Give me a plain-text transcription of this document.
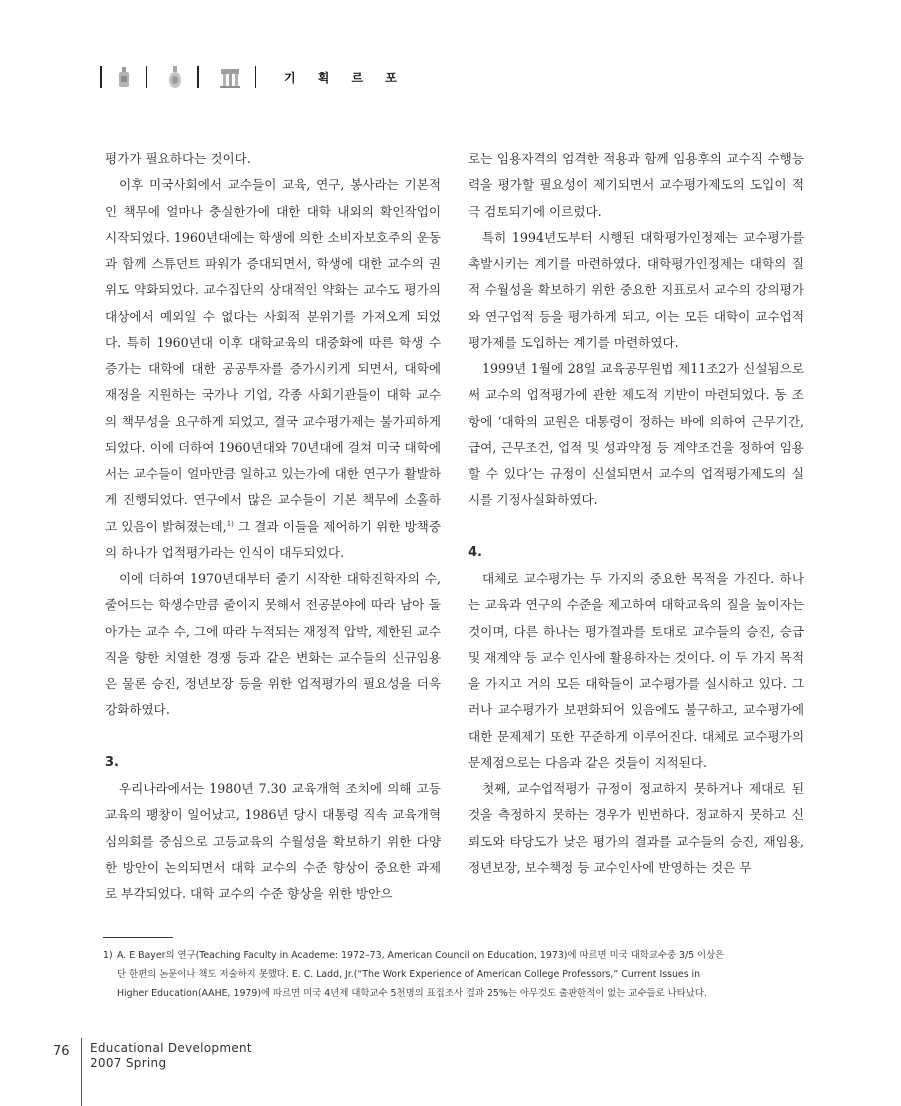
기 획 르 포

평가가 필요하다는 것이다.

이후 미국사회에서 교수들이 교육, 연구, 봉사라는 기본적인 책무에 얼마나 충실한가에 대한 대학 내외의 확인작업이 시작되었다. 1960년대에는 학생에 의한 소비자보호주의 운동과 함께 스튜던트 파워가 증대되면서, 학생에 대한 교수의 권위도 약화되었다. 교수집단의 상대적인 약화는 교수도 평가의 대상에서 예외일 수 없다는 사회적 분위기를 가져오게 되었다. 특히 1960년대 이후 대학교육의 대중화에 따른 학생 수 증가는 대학에 대한 공공투자를 증가시키게 되면서, 대학에 재정을 지원하는 국가나 기업, 각종 사회기관들이 대학 교수의 책무성을 요구하게 되었고, 결국 교수평가제는 불가피하게 되었다. 이에 더하여 1960년대와 70년대에 걸쳐 미국 대학에서는 교수들이 얼마만큼 일하고 있는가에 대한 연구가 활발하게 진행되었다. 연구에서 많은 교수들이 기본 책무에 소홀하고 있음이 밝혀졌는데,$^{1)}$ 그 결과 이들을 제어하기 위한 방책중의 하나가 업적평가라는 인식이 대두되었다.

이에 더하여 1970년대부터 줄기 시작한 대학진학자의 수, 줄어드는 학생수만큼 줄이지 못해서 전공분야에 따라 남아 돌아가는 교수 수, 그에 따라 누적되는 재정적 압박, 제한된 교수직을 향한 치열한 경쟁 등과 같은 변화는 교수들의 신규임용은 물론 승진, 정년보장 등을 위한 업적평가의 필요성을 더욱 강화하였다.

3.

우리나라에서는 1980년 7.30 교육개혁 조치에 의해 고등교육의 팽창이 일어났고, 1986년 당시 대통령 직속 교육개혁심의회를 중심으로 고등교육의 수월성을 확보하기 위한 다양한 방안이 논의되면서 대학 교수의 수준 향상이 중요한 과제로 부각되었다. 대학 교수의 수준 향상을 위한 방안으

로는 임용자격의 엄격한 적용과 함께 임용후의 교수직 수행능력을 평가할 필요성이 제기되면서 교수평가제도의 도입이 적극 검토되기에 이르렀다.

특히 1994년도부터 시행된 대학평가인정제는 교수평가를 촉발시키는 계기를 마련하였다. 대학평가인정제는 대학의 질적 수월성을 확보하기 위한 중요한 지표로서 교수의 강의평가와 연구업적 등을 평가하게 되고, 이는 모든 대학이 교수업적평가제를 도입하는 계기를 마련하였다.

1999년 1월에 28일 교육공무원법 제11조2가 신설됨으로써 교수의 업적평가에 관한 제도적 기반이 마련되었다. 동 조항에 ‘대학의 교원은 대통령이 정하는 바에 의하여 근무기간, 급여, 근무조건, 업적 및 성과약정 등 계약조건을 정하여 임용할 수 있다’는 규정이 신설되면서 교수의 업적평가제도의 실시를 기정사실화하였다.

4.

대체로 교수평가는 두 가지의 중요한 목적을 가진다. 하나는 교육과 연구의 수준을 제고하여 대학교육의 질을 높이자는 것이며, 다른 하나는 평가결과를 토대로 교수들의 승진, 승급 및 재계약 등 교수 인사에 활용하자는 것이다. 이 두 가지 목적을 가지고 거의 모든 대학들이 교수평가를 실시하고 있다. 그러나 교수평가가 보편화되어 있음에도 불구하고, 교수평가에 대한 문제제기 또한 꾸준하게 이루어진다. 대체로 교수평가의 문제점으로는 다음과 같은 것들이 지적된다.

첫째, 교수업적평가 규정이 정교하지 못하거나 제대로 된 것을 측정하지 못하는 경우가 빈번하다. 정교하지 못하고 신뢰도와 타당도가 낮은 평가의 결과를 교수들의 승진, 재임용, 정년보장, 보수책정 등 교수인사에 반영하는 것은 무

1) A. E Bayer의 연구(Teaching Faculty in Academe: 1972–73, American Council on Education, 1973)에 따르면 미국 대학교수중 3/5 이상은
단 한편의 논문이나 책도 저술하지 못했다. E. C. Ladd, Jr.(“The Work Experience of American College Professors,” Current Issues in
Higher Education(AAHE, 1979)에 따르면 미국 4년제 대학교수 5천명의 표집조사 결과 25%는 아무것도 출판한적이 없는 교수들로 나타났다.
76 Educational Development
2007 Spring
